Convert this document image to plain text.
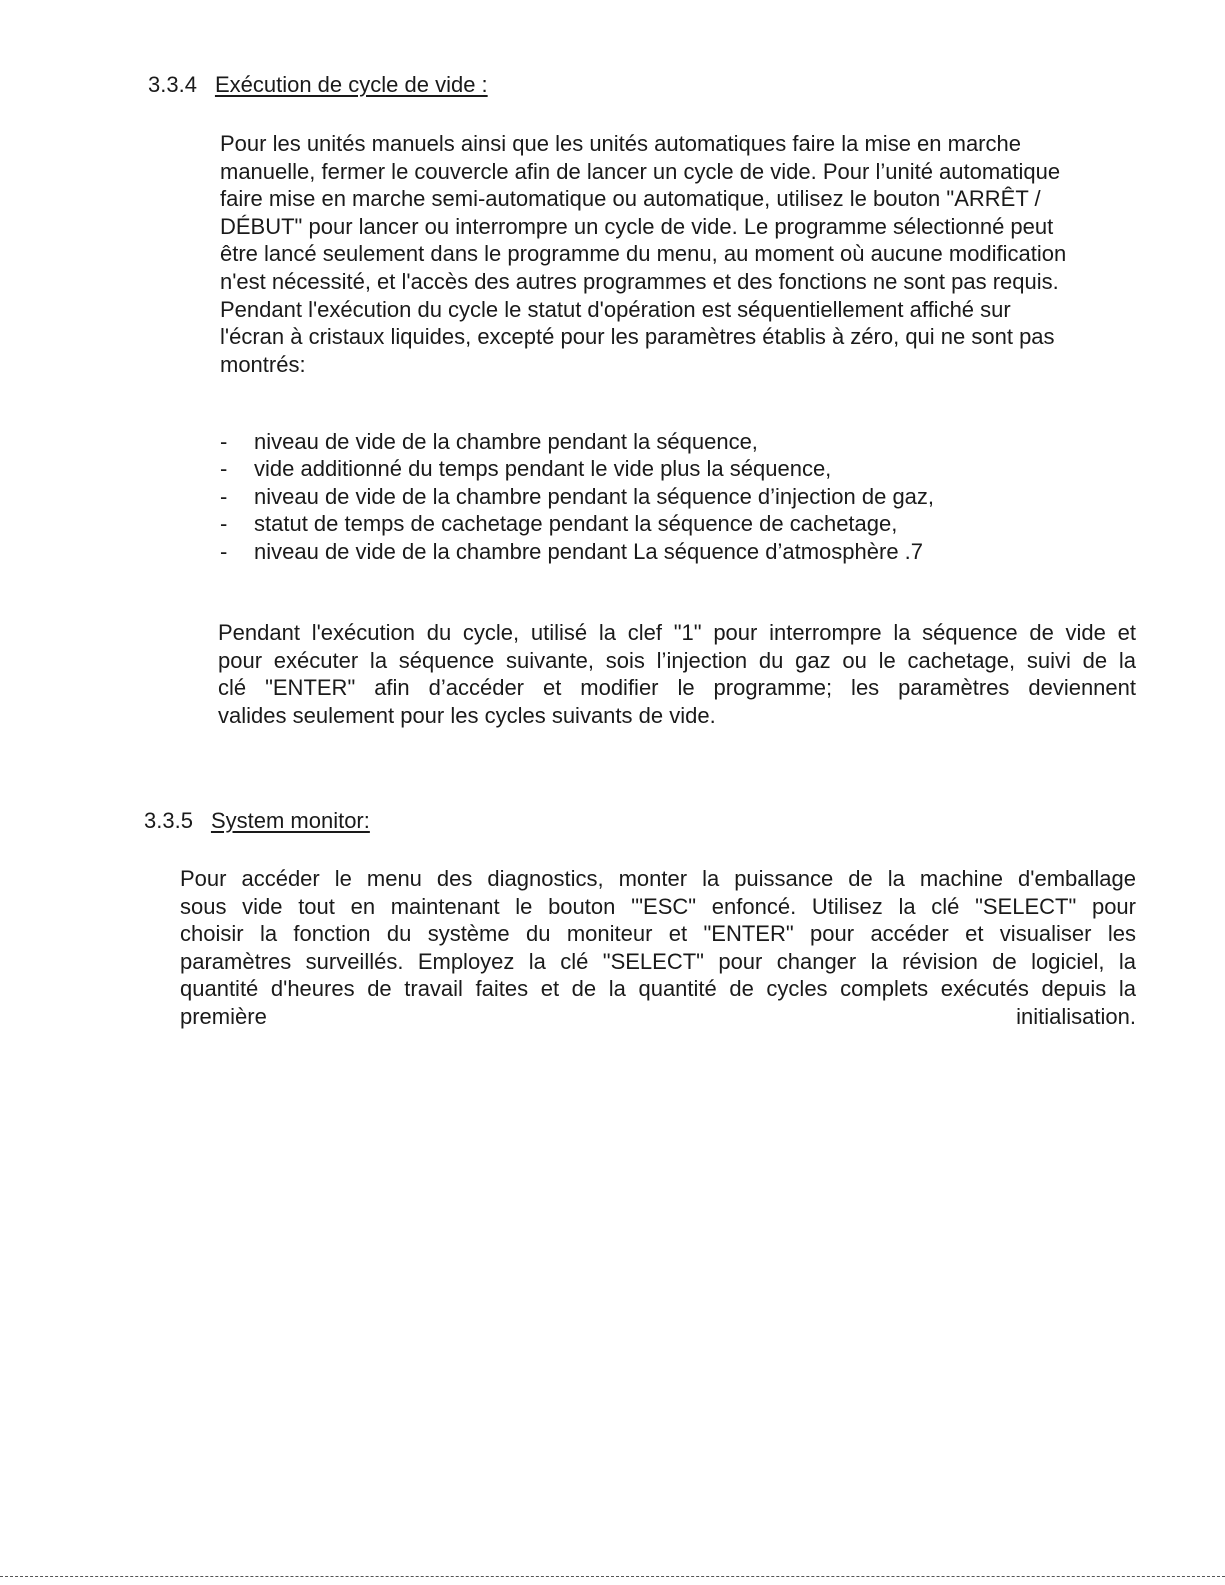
3.3.4 Exécution de cycle de vide :
Pour les unités manuels ainsi que les unités automatiques faire la mise en marche
manuelle, fermer le couvercle afin de lancer un cycle de vide. Pour l’unité automatique
faire mise en marche semi-automatique ou automatique, utilisez le bouton "ARRÊT /
DÉBUT" pour lancer ou interrompre un cycle de vide. Le programme sélectionné peut
être lancé seulement dans le programme du menu, au moment où aucune modification
n'est nécessité, et l'accès des autres programmes et des fonctions ne sont pas requis.
Pendant l'exécution du cycle le statut d'opération est séquentiellement affiché sur
l'écran à cristaux liquides, excepté pour les paramètres établis à zéro, qui ne sont pas
montrés:
- niveau de vide de la chambre pendant la séquence,
- vide additionné du temps pendant le vide plus la séquence,
- niveau de vide de la chambre pendant la séquence d’injection de gaz,
- statut de temps de cachetage pendant la séquence de cachetage,
- niveau de vide de la chambre pendant La séquence d’atmosphère .7
Pendant l'exécution du cycle, utilisé la clef "1" pour interrompre la séquence de vide et
pour exécuter la séquence suivante, sois l’injection du gaz ou le cachetage, suivi de la
clé "ENTER" afin d’accéder et modifier le programme; les paramètres deviennent
valides seulement pour les cycles suivants de vide.
3.3.5 System monitor:
Pour accéder le menu des diagnostics, monter la puissance de la machine d'emballage
sous vide tout en maintenant le bouton '"ESC" enfoncé. Utilisez la clé "SELECT" pour
choisir la fonction du système du moniteur et "ENTER" pour accéder et visualiser les
paramètres surveillés. Employez la clé "SELECT" pour changer la révision de logiciel, la
quantité d'heures de travail faites et de la quantité de cycles complets exécutés depuis la
première	initialisation.
